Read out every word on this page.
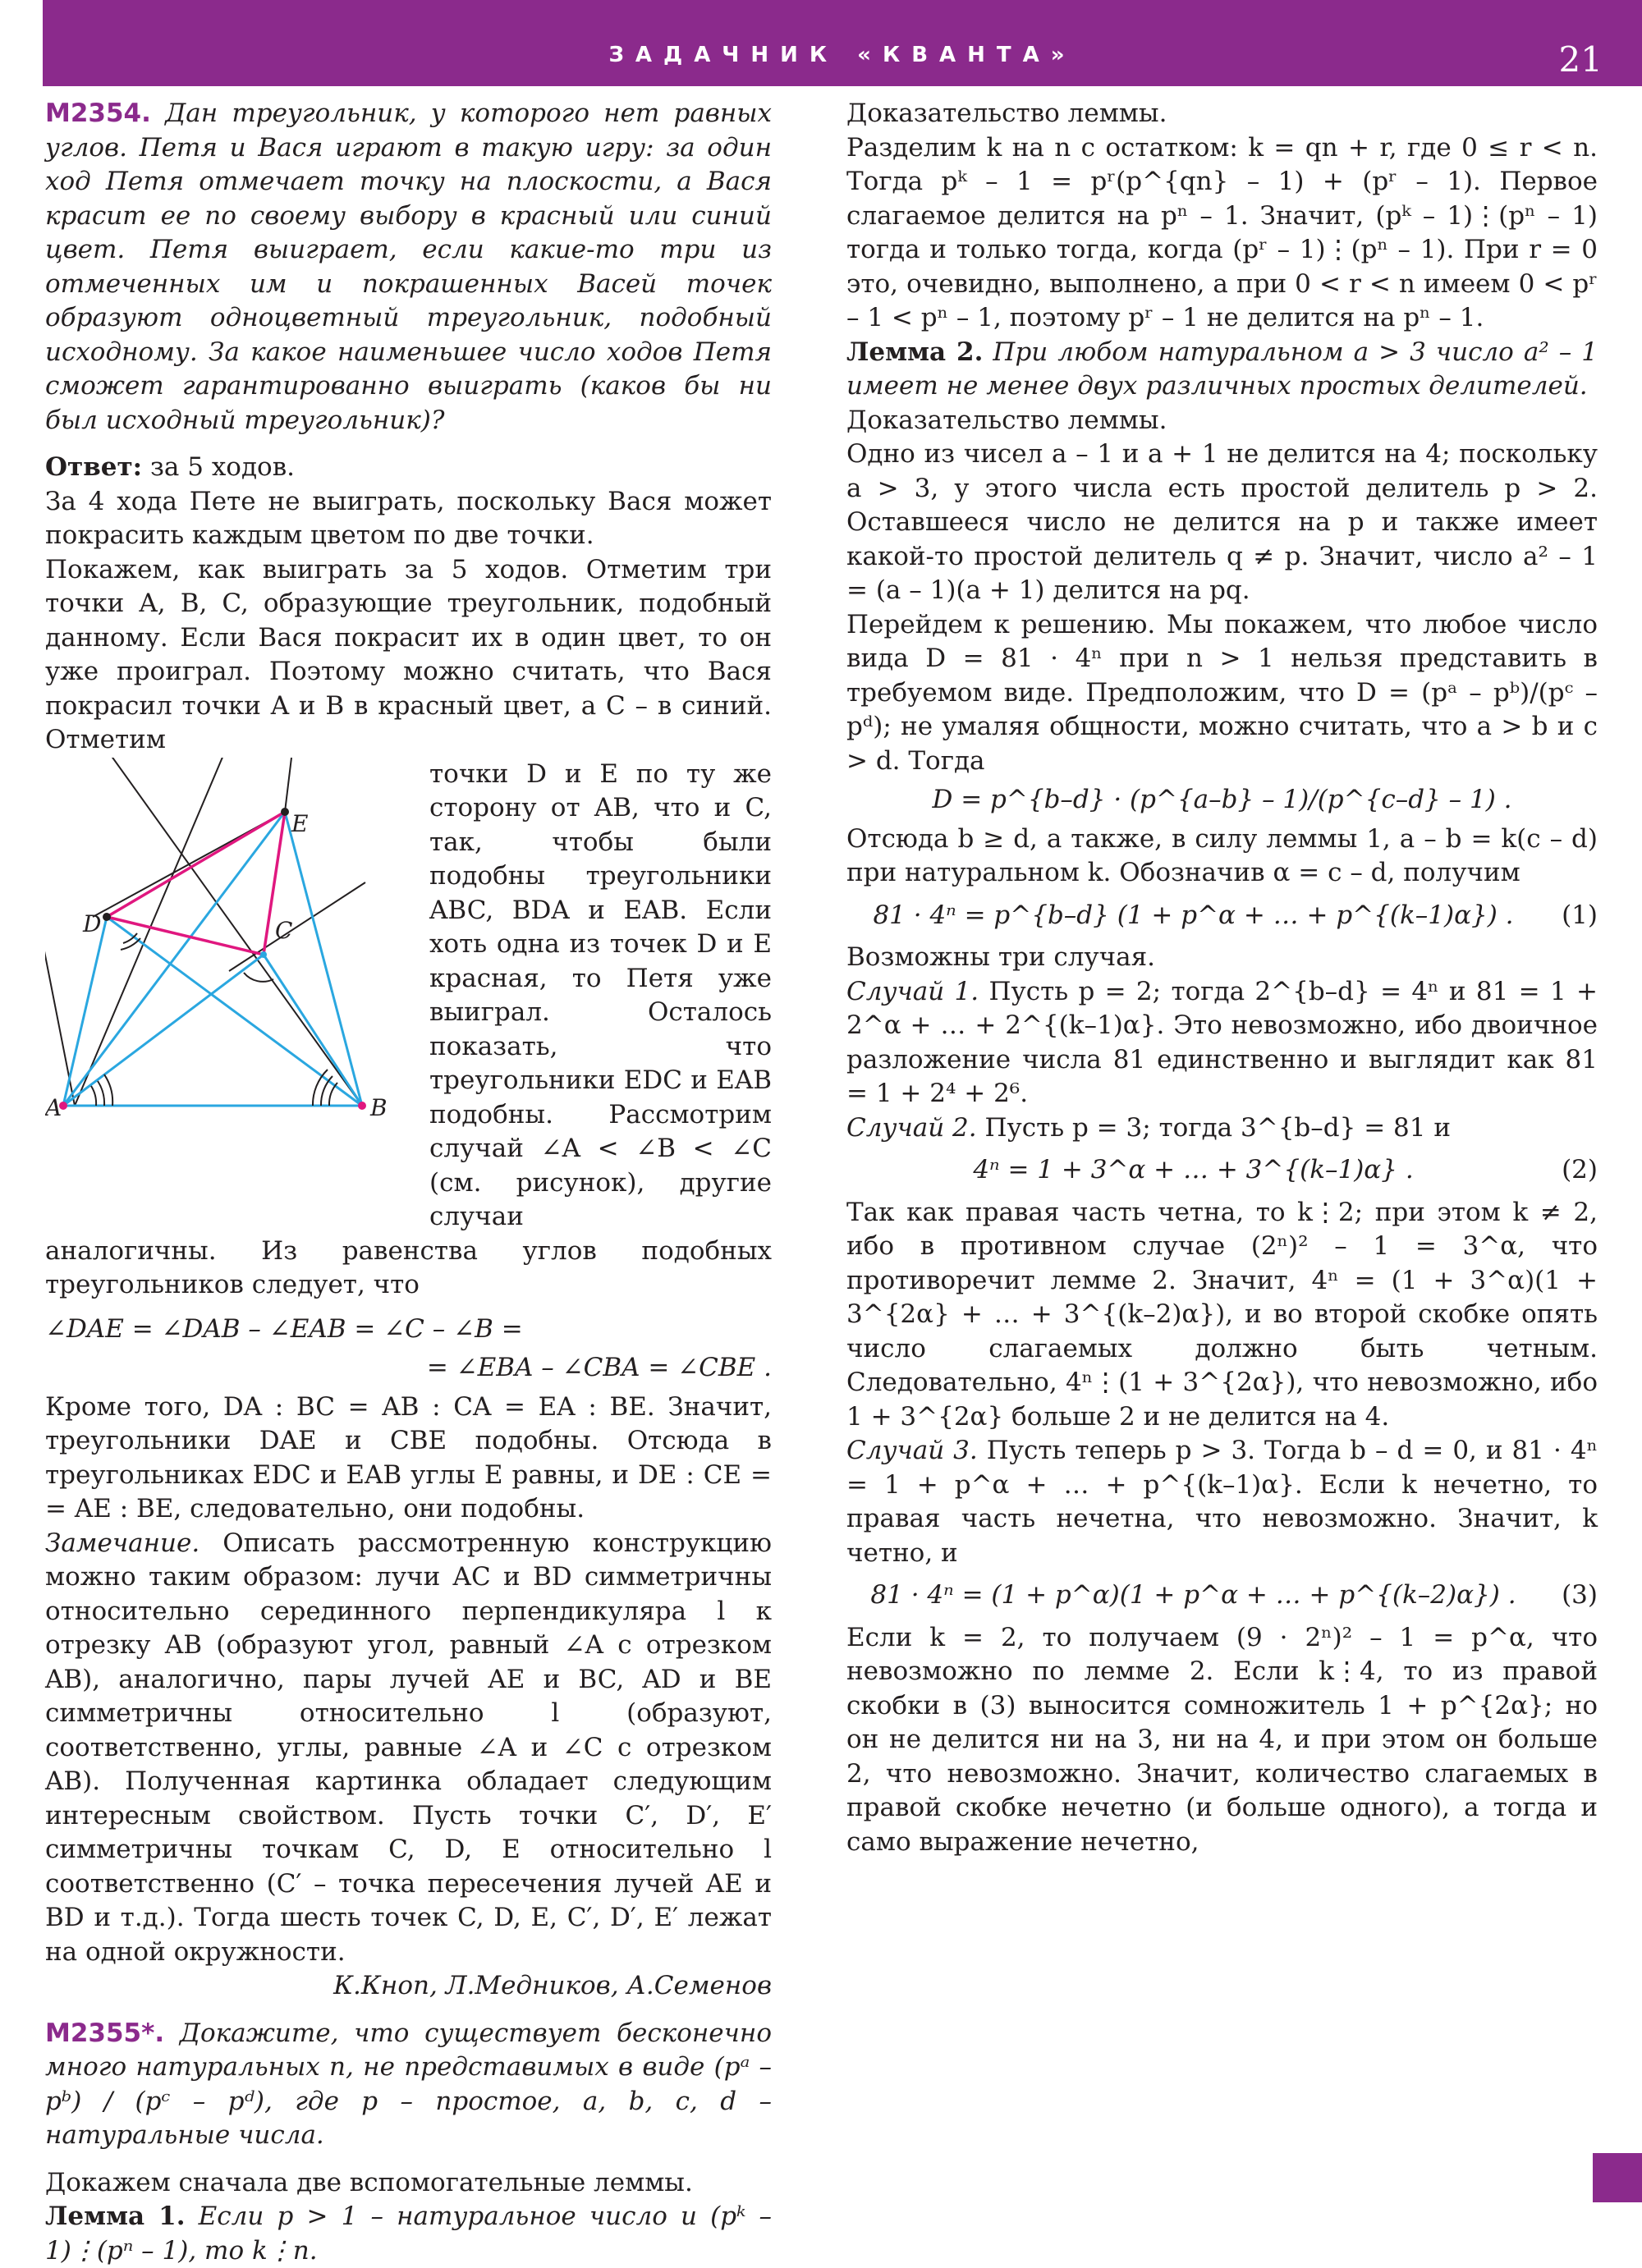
ЗАДАЧНИК «КВАНТА»	21

М2354. Дан треугольник, у которого нет равных углов. Петя и Вася играют в такую игру: за один ход Петя отмечает точку на плоскости, а Вася красит ее по своему выбору в красный или синий цвет. Петя выиграет, если какие-то три из отмеченных им и покрашенных Васей точек образуют одноцветный треугольник, подобный исходному. За какое наименьшее число ходов Петя сможет гарантированно выиграть (каков бы ни был исходный треугольник)?

Ответ: за 5 ходов.

За 4 хода Пете не выиграть, поскольку Вася может покрасить каждым цветом по две точки.

Покажем, как выиграть за 5 ходов. Отметим три точки A, B, C, образующие треугольник, подобный данному. Если Вася покрасит их в один цвет, то он уже проиграл. Поэтому можно считать, что Вася покрасил точки A и B в красный цвет, а C – в синий. Отметим

E
D	C
A	B

точки D и E по ту же сторону от AB, что и C, так, чтобы были подобны треугольники ABC, BDA и EAB. Если хоть одна из точек D и E красная, то Петя уже выиграл. Осталось показать, что треугольники EDC и EAB подобны. Рассмотрим случай ∠A < ∠B < ∠C (см. рисунок), другие случаи

аналогичны. Из равенства углов подобных треугольников следует, что

∠DAE = ∠DAB – ∠EAB = ∠C – ∠B =
= ∠EBA – ∠CBA = ∠CBE .

Кроме того, DA : BC = AB : CA = EA : BE. Значит, треугольники DAE и CBE подобны. Отсюда в треугольниках EDC и EAB углы E равны, и DE : CE = = AE : BE, следовательно, они подобны.

Замечание. Описать рассмотренную конструкцию можно таким образом: лучи AC и BD симметричны относительно серединного перпендикуляра l к отрезку AB (образуют угол, равный ∠A с отрезком AB), аналогично, пары лучей AE и BC, AD и BE симметричны относительно l (образуют, соответственно, углы, равные ∠A и ∠C с отрезком AB). Полученная картинка обладает следующим интересным свойством. Пусть точки C′, D′, E′ симметричны точкам C, D, E относительно l соответственно (C′ – точка пересечения лучей AE и BD и т.д.). Тогда шесть точек C, D, E, C′, D′, E′ лежат на одной окружности.

К.Кноп, Л.Медников, А.Семенов

М2355*. Докажите, что существует бесконечно много натуральных n, не представимых в виде (pᵃ – pᵇ) / (pᶜ – pᵈ), где p – простое, a, b, c, d – натуральные числа.

Докажем сначала две вспомогательные леммы.

Лемма 1. Если p > 1 – натуральное число и (pᵏ – 1)⋮(pⁿ – 1), то k⋮n.

Доказательство леммы.

Разделим k на n с остатком: k = qn + r, где 0 ≤ r < n. Тогда pᵏ – 1 = pʳ(p^{qn} – 1) + (pʳ – 1). Первое слагаемое делится на pⁿ – 1. Значит, (pᵏ – 1)⋮(pⁿ – 1) тогда и только тогда, когда (pʳ – 1)⋮(pⁿ – 1). При r = 0 это, очевидно, выполнено, а при 0 < r < n имеем 0 < pʳ – 1 < pⁿ – 1, поэтому pʳ – 1 не делится на pⁿ – 1.

Лемма 2. При любом натуральном a > 3 число a² – 1 имеет не менее двух различных простых делителей.

Доказательство леммы.

Одно из чисел a – 1 и a + 1 не делится на 4; поскольку a > 3, у этого числа есть простой делитель p > 2. Оставшееся число не делится на p и также имеет какой-то простой делитель q ≠ p. Значит, число a² – 1 = (a – 1)(a + 1) делится на pq.

Перейдем к решению. Мы покажем, что любое число вида D = 81 · 4ⁿ при n > 1 нельзя представить в требуемом виде. Предположим, что D = (pᵃ – pᵇ)/(pᶜ – pᵈ); не умаляя общности, можно считать, что a > b и c > d. Тогда

D = p^{b–d} · (p^{a–b} – 1)/(p^{c–d} – 1) .

Отсюда b ≥ d, а также, в силу леммы 1, a – b = k(c – d) при натуральном k. Обозначив α = c – d, получим

81 · 4ⁿ = p^{b–d} (1 + p^α + … + p^{(k–1)α}) .	(1)

Возможны три случая.

Случай 1. Пусть p = 2; тогда 2^{b–d} = 4ⁿ и 81 = 1 + 2^α + … + 2^{(k–1)α}. Это невозможно, ибо двоичное разложение числа 81 единственно и выглядит как 81 = 1 + 2⁴ + 2⁶.

Случай 2. Пусть p = 3; тогда 3^{b–d} = 81 и

4ⁿ = 1 + 3^α + … + 3^{(k–1)α} .	(2)

Так как правая часть четна, то k⋮2; при этом k ≠ 2, ибо в противном случае (2ⁿ)² – 1 = 3^α, что противоречит лемме 2. Значит, 4ⁿ = (1 + 3^α)(1 + 3^{2α} + … + 3^{(k–2)α}), и во второй скобке опять число слагаемых должно быть четным. Следовательно, 4ⁿ⋮(1 + 3^{2α}), что невозможно, ибо 1 + 3^{2α} больше 2 и не делится на 4.

Случай 3. Пусть теперь p > 3. Тогда b – d = 0, и 81 · 4ⁿ = 1 + p^α + … + p^{(k–1)α}. Если k нечетно, то правая часть нечетна, что невозможно. Значит, k четно, и

81 · 4ⁿ = (1 + p^α)(1 + p^α + … + p^{(k–2)α}) .	(3)

Если k = 2, то получаем (9 · 2ⁿ)² – 1 = p^α, что невозможно по лемме 2. Если k⋮4, то из правой скобки в (3) выносится сомножитель 1 + p^{2α}; но он не делится ни на 3, ни на 4, и при этом он больше 2, что невозможно. Значит, количество слагаемых в правой скобке нечетно (и больше одного), а тогда и само выражение нечетно,
